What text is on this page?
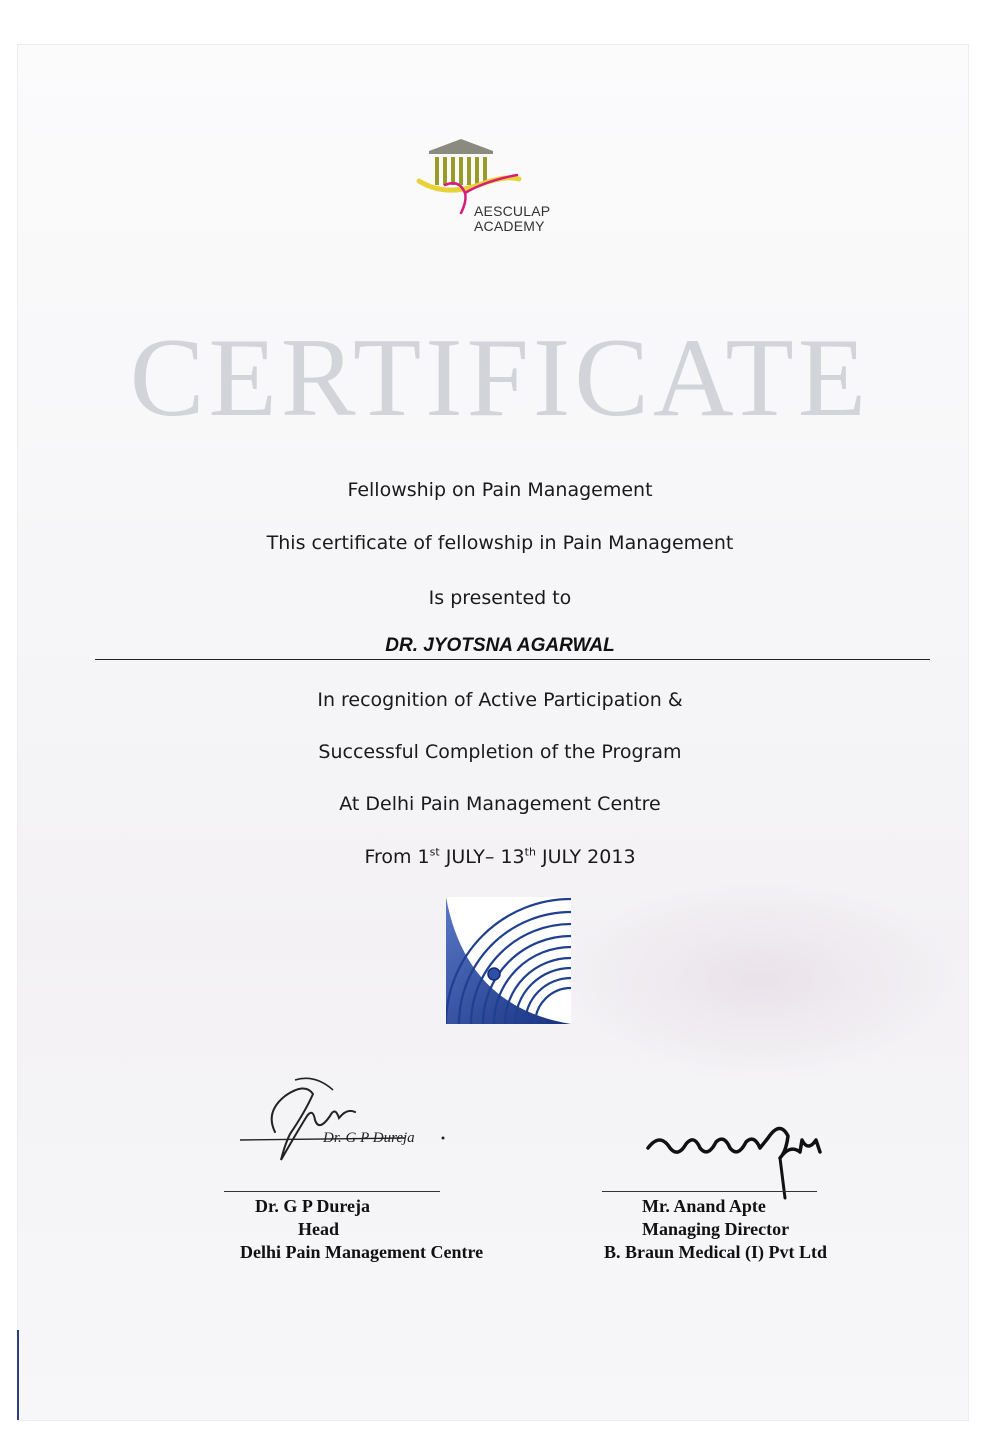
AESCULAP
ACADEMY
CERTIFICATE
Fellowship on Pain Management
This certificate of fellowship in Pain Management
Is presented to
DR. JYOTSNA AGARWAL
In recognition of Active Participation &
Successful Completion of the Program
At Delhi Pain Management Centre
From 1st JULY– 13th JULY 2013
Dr. G P Dureja
Dr. G P Dureja
Head
Delhi Pain Management Centre
Mr. Anand Apte
Managing Director
B. Braun Medical (I) Pvt Ltd
